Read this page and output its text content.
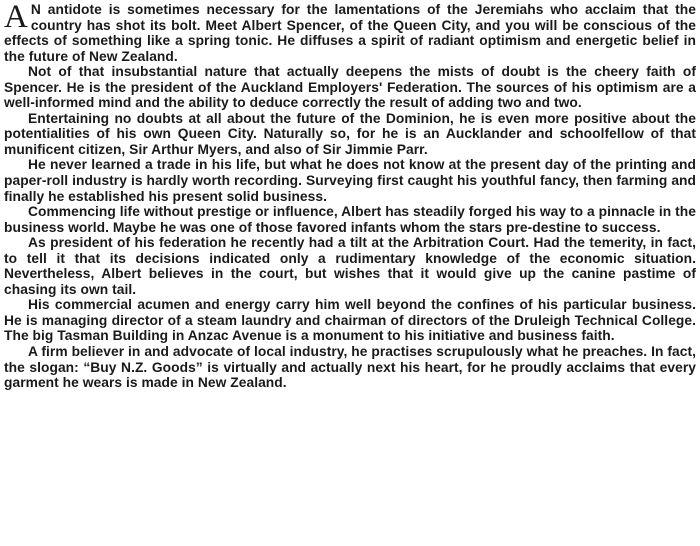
A N antidote is sometimes necessary for the lamentations of the Jeremiahs who acclaim that the country has shot its bolt. Meet Albert Spencer, of the Queen City, and you will be conscious of the effects of something like a spring tonic. He diffuses a spirit of radiant optimism and energetic belief in the future of New Zealand.

Not of that insubstantial nature that actually deepens the mists of doubt is the cheery faith of Spencer. He is the president of the Auckland Employers' Federation. The sources of his optimism are a well-informed mind and the ability to deduce correctly the result of adding two and two.

Entertaining no doubts at all about the future of the Dominion, he is even more positive about the potentialities of his own Queen City. Naturally so, for he is an Aucklander and schoolfellow of that munificent citizen, Sir Arthur Myers, and also of Sir Jimmie Parr.

He never learned a trade in his life, but what he does not know at the present day of the printing and paper-roll industry is hardly worth recording. Surveying first caught his youthful fancy, then farming and finally he established his present solid business.

Commencing life without prestige or influence, Albert has steadily forged his way to a pinnacle in the business world. Maybe he was one of those favored infants whom the stars pre-destine to success.

As president of his federation he recently had a tilt at the Arbitration Court. Had the temerity, in fact, to tell it that its decisions indicated only a rudimentary knowledge of the economic situation. Nevertheless, Albert believes in the court, but wishes that it would give up the canine pastime of chasing its own tail.

His commercial acumen and energy carry him well beyond the confines of his particular business. He is managing director of a steam laundry and chairman of directors of the Druleigh Technical College. The big Tasman Building in Anzac Avenue is a monument to his initiative and business faith.

A firm believer in and advocate of local industry, he practises scrupulously what he preaches. In fact, the slogan: “Buy N.Z. Goods” is virtually and actually next his heart, for he proudly acclaims that every garment he wears is made in New Zealand.
